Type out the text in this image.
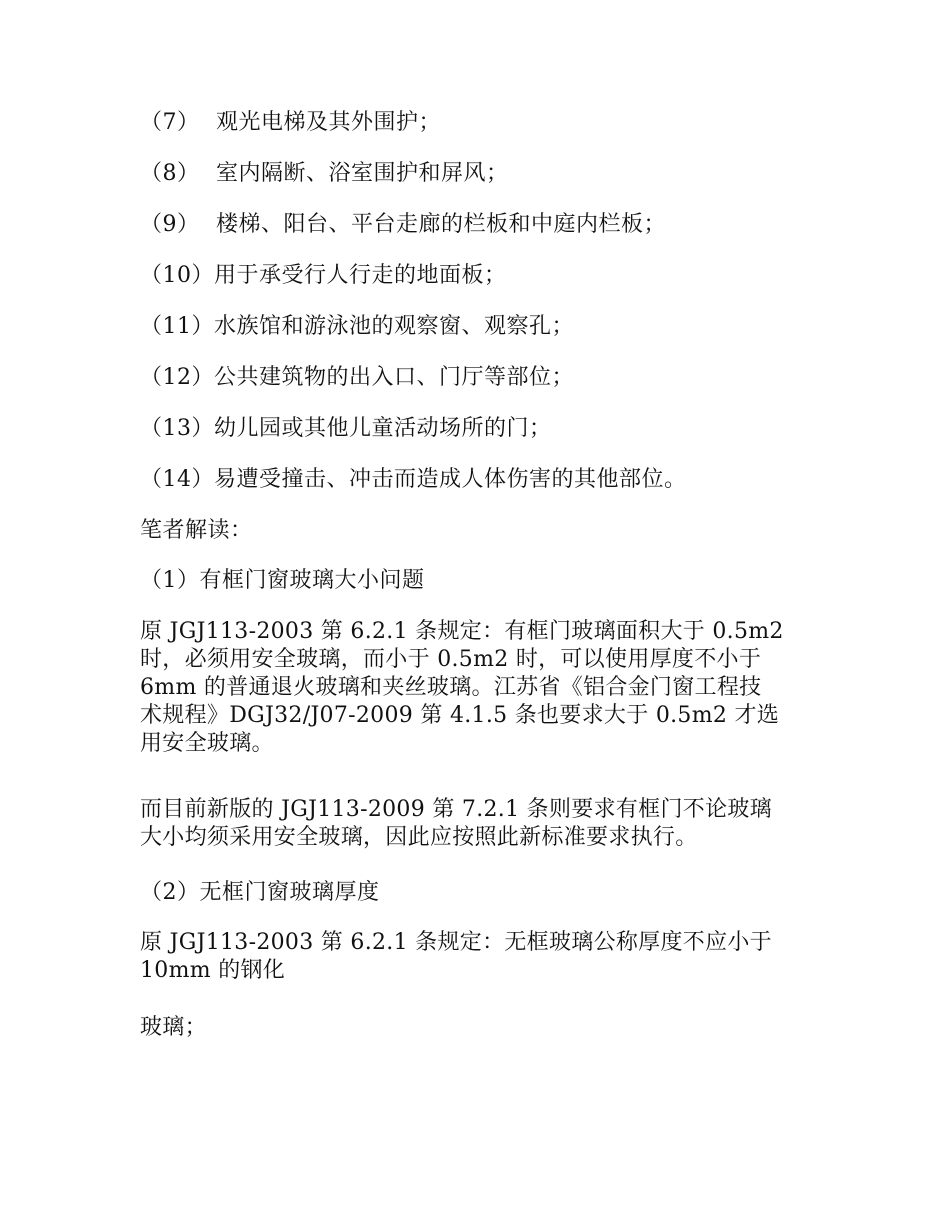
（7） 观光电梯及其外围护；
（8） 室内隔断、浴室围护和屏风；
（9） 楼梯、阳台、平台走廊的栏板和中庭内栏板；
（10）用于承受行人行走的地面板；
（11）水族馆和游泳池的观察窗、观察孔；
（12）公共建筑物的出入口、门厅等部位；
（13）幼儿园或其他儿童活动场所的门；
（14）易遭受撞击、冲击而造成人体伤害的其他部位。
笔者解读：
（1）有框门窗玻璃大小问题
原 JGJ113-2003 第 6.2.1 条规定：有框门玻璃面积大于 0.5m2
时，必须用安全玻璃，而小于 0.5m2 时，可以使用厚度不小于
6mm 的普通退火玻璃和夹丝玻璃。江苏省《铝合金门窗工程技
术规程》DGJ32/J07-2009 第 4.1.5 条也要求大于 0.5m2 才选
用安全玻璃。
而目前新版的 JGJ113-2009 第 7.2.1 条则要求有框门不论玻璃
大小均须采用安全玻璃，因此应按照此新标准要求执行。
（2）无框门窗玻璃厚度
原 JGJ113-2003 第 6.2.1 条规定：无框玻璃公称厚度不应小于
10mm 的钢化
玻璃；
